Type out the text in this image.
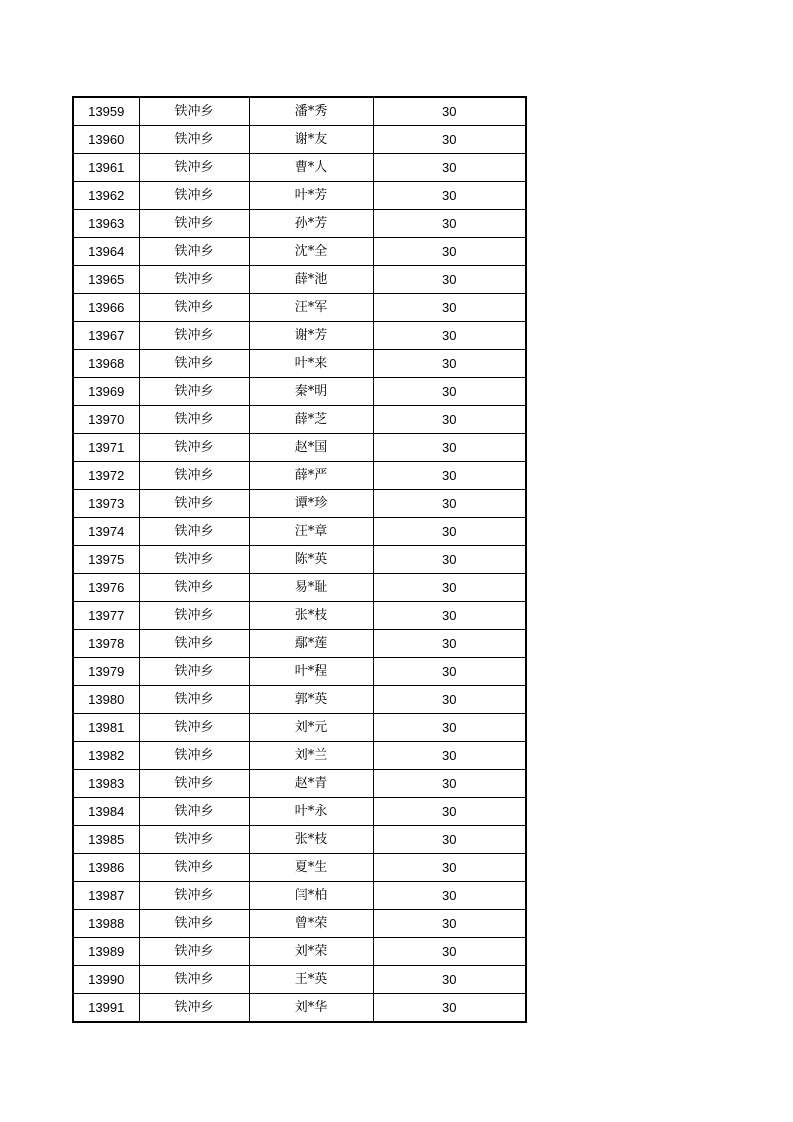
13959	铁冲乡	潘*秀	30
13960	铁冲乡	谢*友	30
13961	铁冲乡	曹*人	30
13962	铁冲乡	叶*芳	30
13963	铁冲乡	孙*芳	30
13964	铁冲乡	沈*全	30
13965	铁冲乡	薛*池	30
13966	铁冲乡	汪*军	30
13967	铁冲乡	谢*芳	30
13968	铁冲乡	叶*来	30
13969	铁冲乡	秦*明	30
13970	铁冲乡	薛*芝	30
13971	铁冲乡	赵*国	30
13972	铁冲乡	薛*严	30
13973	铁冲乡	谭*珍	30
13974	铁冲乡	汪*章	30
13975	铁冲乡	陈*英	30
13976	铁冲乡	易*耻	30
13977	铁冲乡	张*枝	30
13978	铁冲乡	鄢*莲	30
13979	铁冲乡	叶*程	30
13980	铁冲乡	郭*英	30
13981	铁冲乡	刘*元	30
13982	铁冲乡	刘*兰	30
13983	铁冲乡	赵*青	30
13984	铁冲乡	叶*永	30
13985	铁冲乡	张*枝	30
13986	铁冲乡	夏*生	30
13987	铁冲乡	闫*柏	30
13988	铁冲乡	曾*荣	30
13989	铁冲乡	刘*荣	30
13990	铁冲乡	王*英	30
13991	铁冲乡	刘*华	30
